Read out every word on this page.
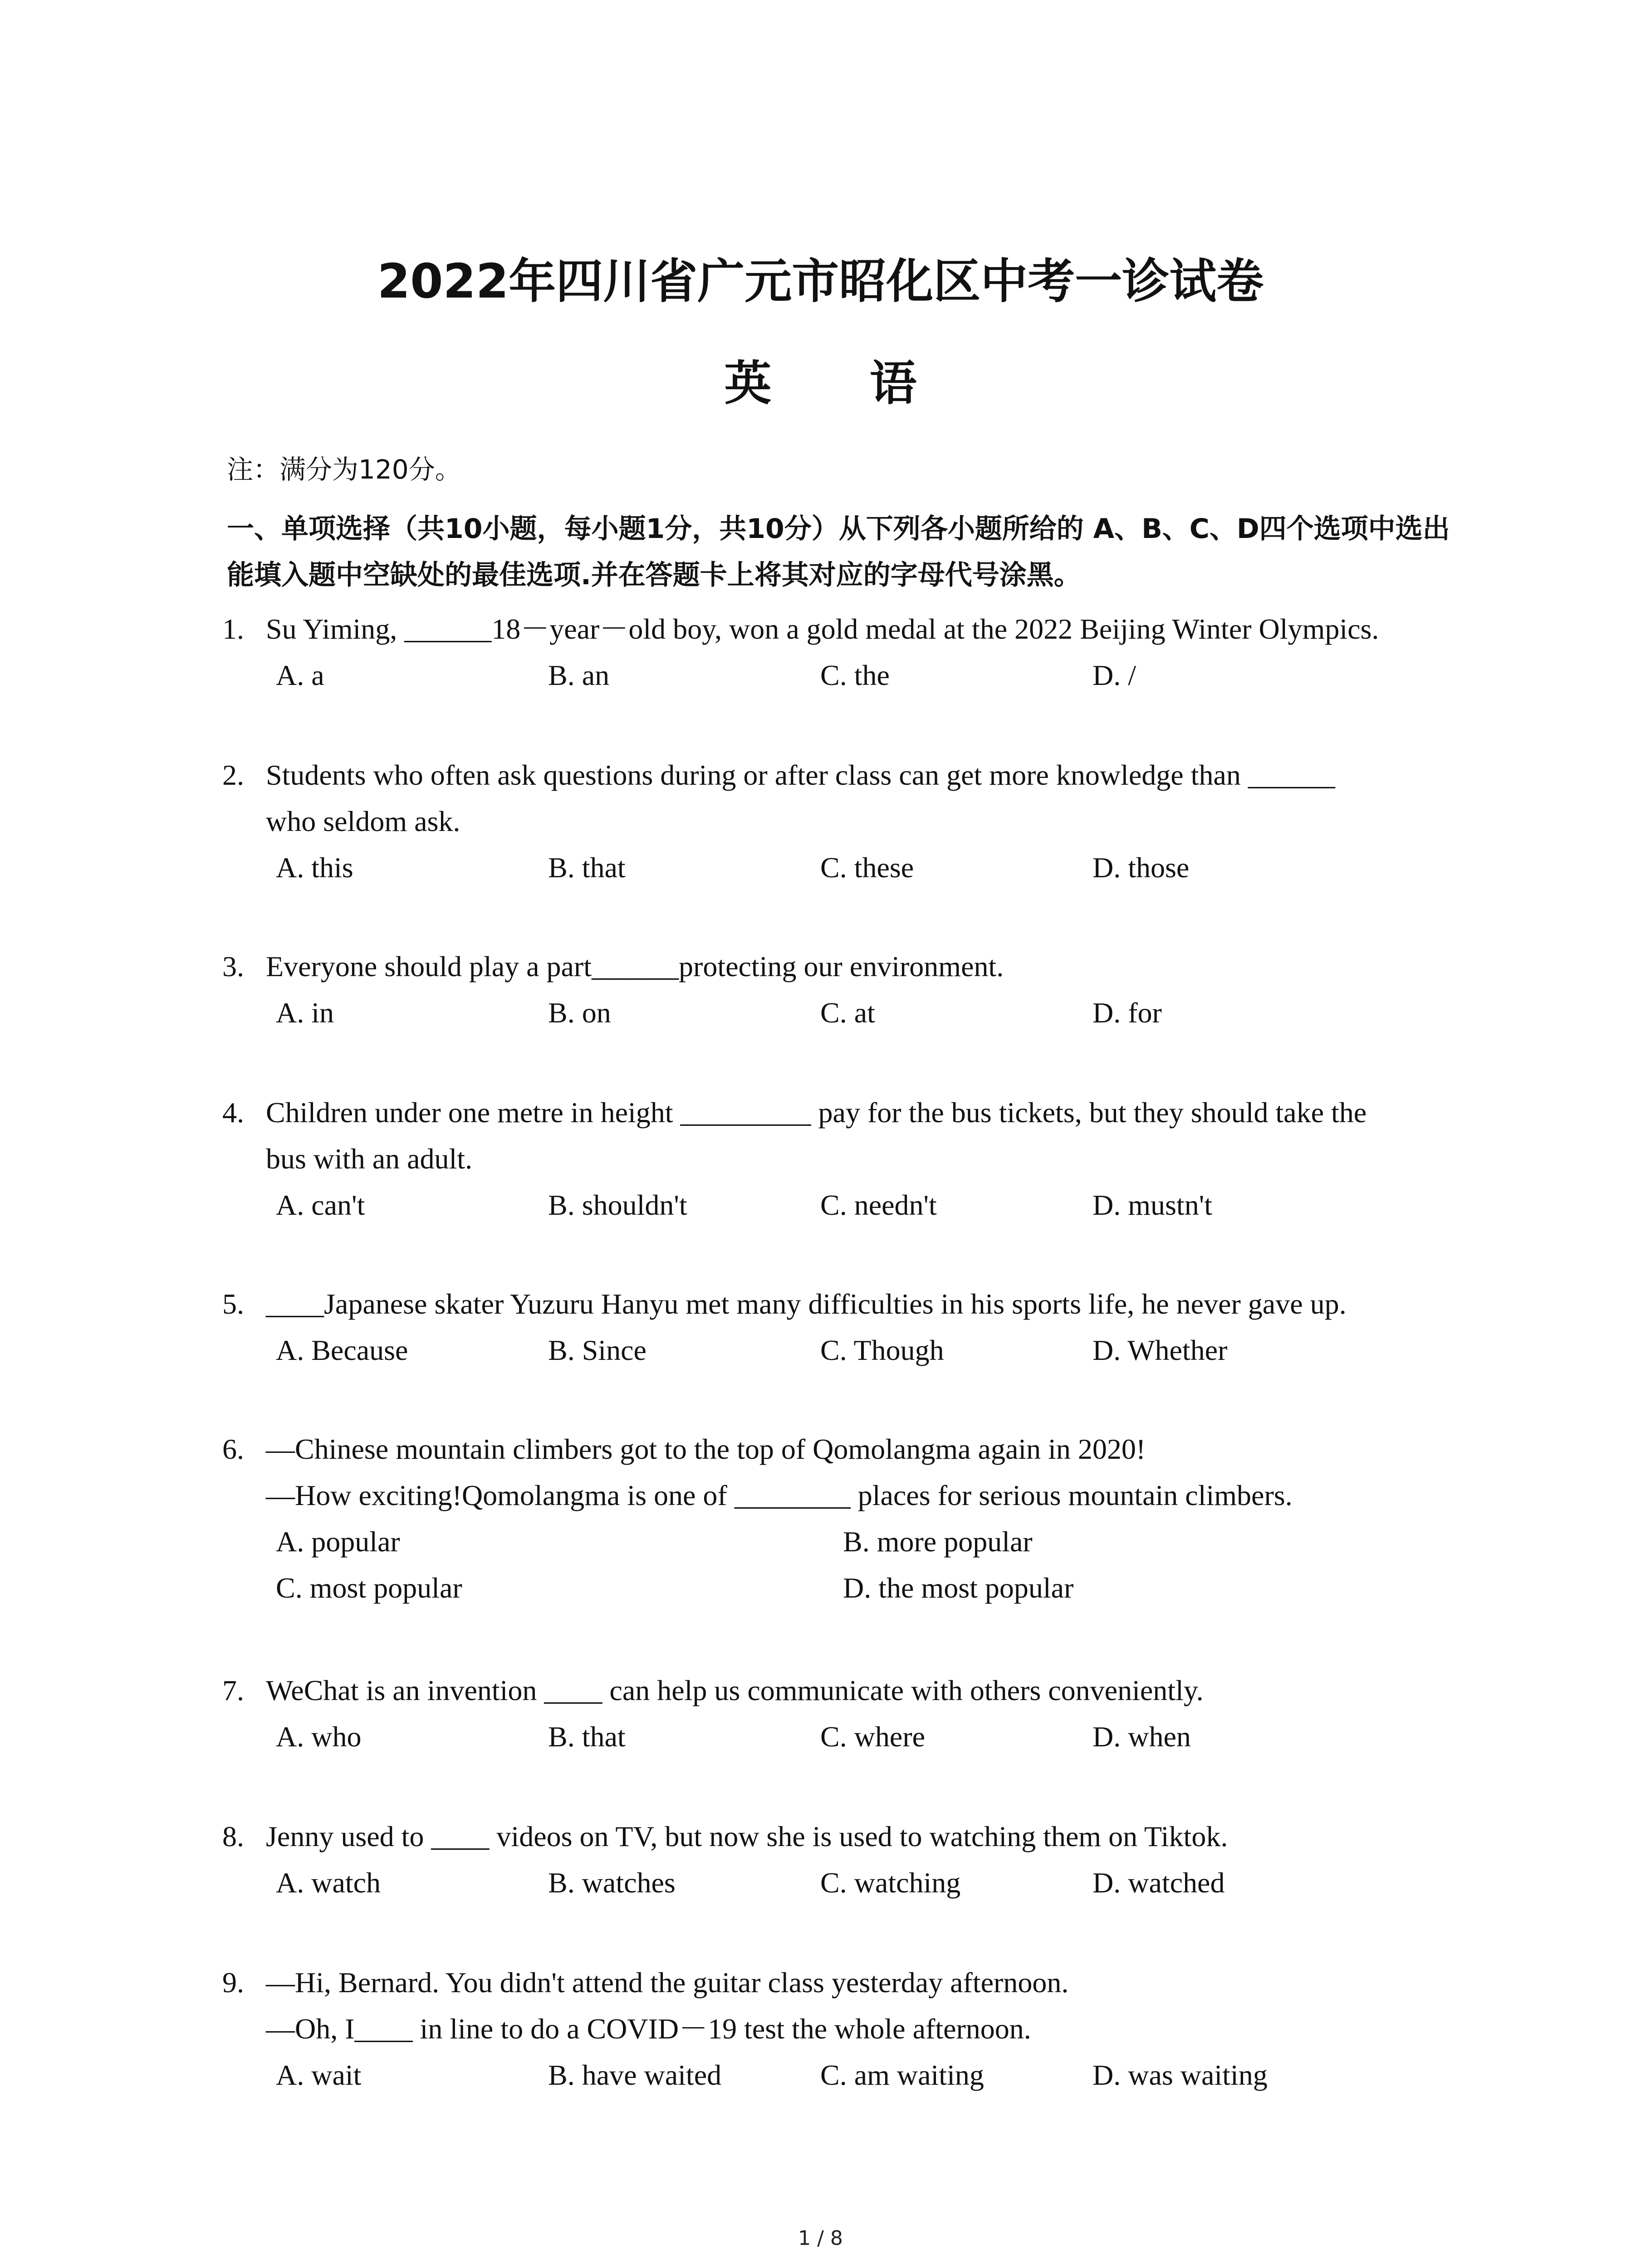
2022年四川省广元市昭化区中考一诊试卷
英 语
注：满分为120分。
一、单项选择（共10小题，每小题1分，共10分）从下列各小题所给的 A、B、C、D四个选项中选出能填入题中空缺处的最佳选项.并在答题卡上将其对应的字母代号涂黑。
1. Su Yiming, ______18－year－old boy, won a gold medal at the 2022 Beijing Winter Olympics.
A. a	B. an	C. the	D. /
2. Students who often ask questions during or after class can get more knowledge than ______
who seldom ask.
A. this	B. that	C. these	D. those
3. Everyone should play a part______protecting our environment.
A. in	B. on	C. at	D. for
4. Children under one metre in height _________ pay for the bus tickets, but they should take the
bus with an adult.
A. can't	B. shouldn't	C. needn't	D. mustn't
5. ____Japanese skater Yuzuru Hanyu met many difficulties in his sports life, he never gave up.
A. Because	B. Since	C. Though	D. Whether
6. —Chinese mountain climbers got to the top of Qomolangma again in 2020!
—How exciting!Qomolangma is one of ________ places for serious mountain climbers.
A. popular	B. more popular
C. most popular	D. the most popular
7. WeChat is an invention ____ can help us communicate with others conveniently.
A. who	B. that	C. where	D. when
8. Jenny used to ____ videos on TV, but now she is used to watching them on Tiktok.
A. watch	B. watches	C. watching	D. watched
9. —Hi, Bernard. You didn't attend the guitar class yesterday afternoon.
—Oh, I____ in line to do a COVID－19 test the whole afternoon.
A. wait	B. have waited	C. am waiting	D. was waiting
1 / 8
